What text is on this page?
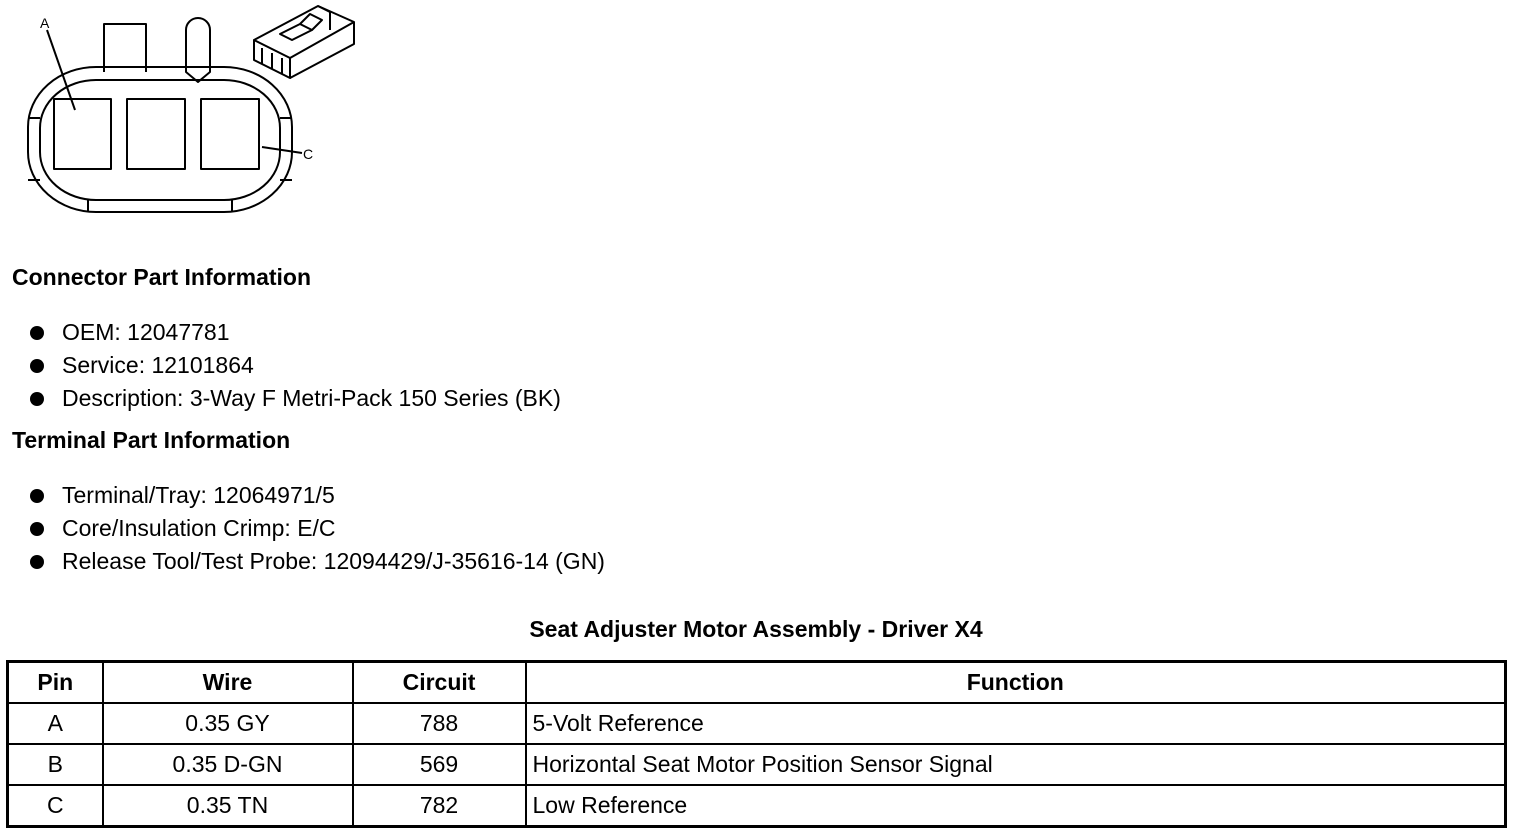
A
C
Connector Part Information
OEM: 12047781
Service: 12101864
Description: 3-Way F Metri-Pack 150 Series (BK)
Terminal Part Information
Terminal/Tray: 12064971/5
Core/Insulation Crimp: E/C
Release Tool/Test Probe: 12094429/J-35616-14 (GN)
Seat Adjuster Motor Assembly - Driver X4
Pin	Wire	Circuit	Function
A	0.35 GY	788	5-Volt Reference
B	0.35 D-GN	569	Horizontal Seat Motor Position Sensor Signal
C	0.35 TN	782	Low Reference
